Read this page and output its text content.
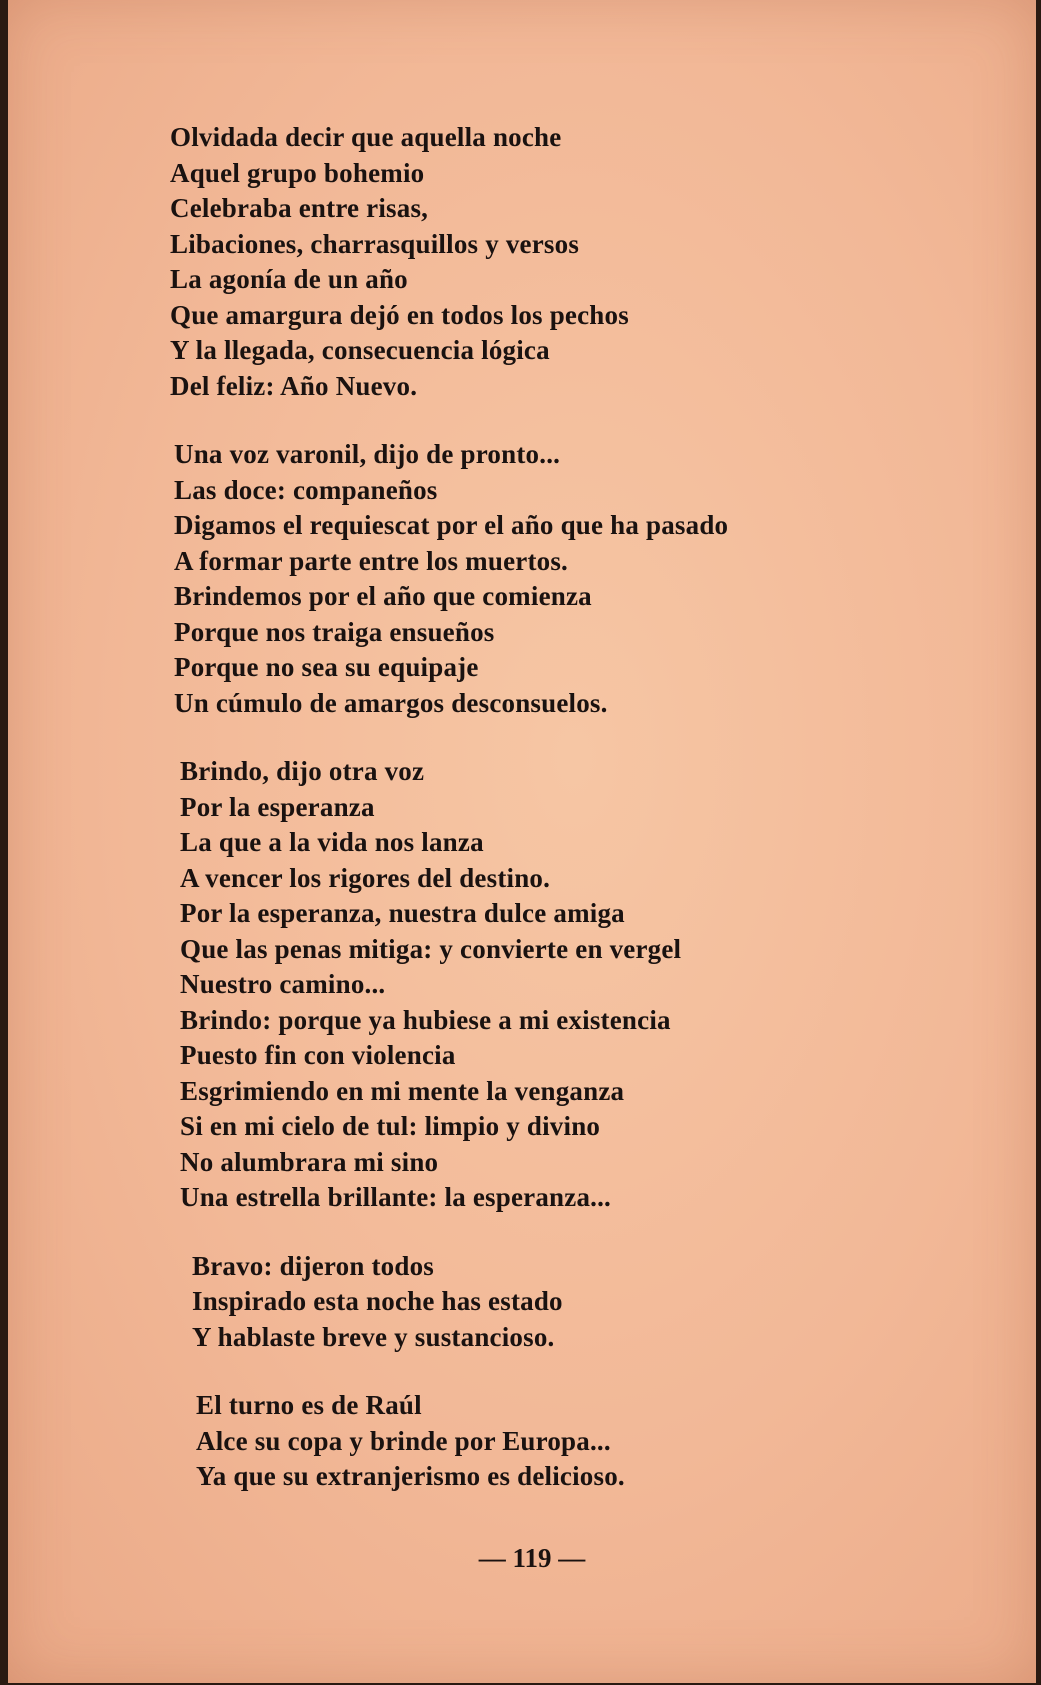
Olvidada decir que aquella noche
Aquel grupo bohemio
Celebraba entre risas,
Libaciones, charrasquillos y versos
La agonía de un año
Que amargura dejó en todos los pechos
Y la llegada, consecuencia lógica
Del feliz: Año Nuevo.
Una voz varonil, dijo de pronto...
Las doce: companeños
Digamos el requiescat por el año que ha pasado
A formar parte entre los muertos.
Brindemos por el año que comienza
Porque nos traiga ensueños
Porque no sea su equipaje
Un cúmulo de amargos desconsuelos.
Brindo, dijo otra voz
Por la esperanza
La que a la vida nos lanza
A vencer los rigores del destino.
Por la esperanza, nuestra dulce amiga
Que las penas mitiga: y convierte en vergel
Nuestro camino...
Brindo: porque ya hubiese a mi existencia
Puesto fin con violencia
Esgrimiendo en mi mente la venganza
Si en mi cielo de tul: limpio y divino
No alumbrara mi sino
Una estrella brillante: la esperanza...
Bravo: dijeron todos
Inspirado esta noche has estado
Y hablaste breve y sustancioso.
El turno es de Raúl
Alce su copa y brinde por Europa...
Ya que su extranjerismo es delicioso.
— 119 —
